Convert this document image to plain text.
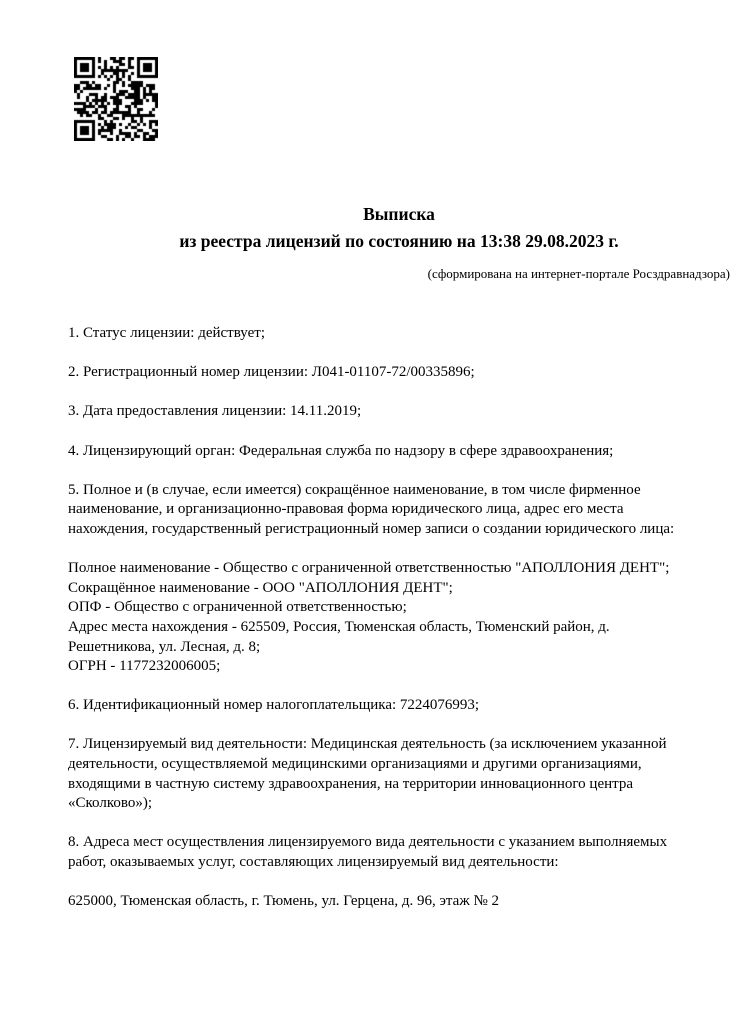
Выписка
из реестра лицензий по состоянию на 13:38 29.08.2023 г.
(сформирована на интернет-портале Росздравнадзора)
1. Статус лицензии: действует;
2. Регистрационный номер лицензии: Л041-01107-72/00335896;
3. Дата предоставления лицензии: 14.11.2019;
4. Лицензирующий орган: Федеральная служба по надзору в сфере здравоохранения;
5. Полное и (в случае, если имеется) сокращённое наименование, в том числе фирменное
наименование, и организационно-правовая форма юридического лица, адрес его места
нахождения, государственный регистрационный номер записи о создании юридического лица:
Полное наименование - Общество с ограниченной ответственностью "АПОЛЛОНИЯ ДЕНТ";
Сокращённое наименование - ООО "АПОЛЛОНИЯ ДЕНТ";
ОПФ - Общество с ограниченной ответственностью;
Адрес места нахождения - 625509, Россия, Тюменская область, Тюменский район, д.
Решетникова, ул. Лесная, д. 8;
ОГРН - 1177232006005;
6. Идентификационный номер налогоплательщика: 7224076993;
7. Лицензируемый вид деятельности: Медицинская деятельность (за исключением указанной
деятельности, осуществляемой медицинскими организациями и другими организациями,
входящими в частную систему здравоохранения, на территории инновационного центра
«Сколково»);
8. Адреса мест осуществления лицензируемого вида деятельности с указанием выполняемых
работ, оказываемых услуг, составляющих лицензируемый вид деятельности:
625000, Тюменская область, г. Тюмень, ул. Герцена, д. 96, этаж № 2
